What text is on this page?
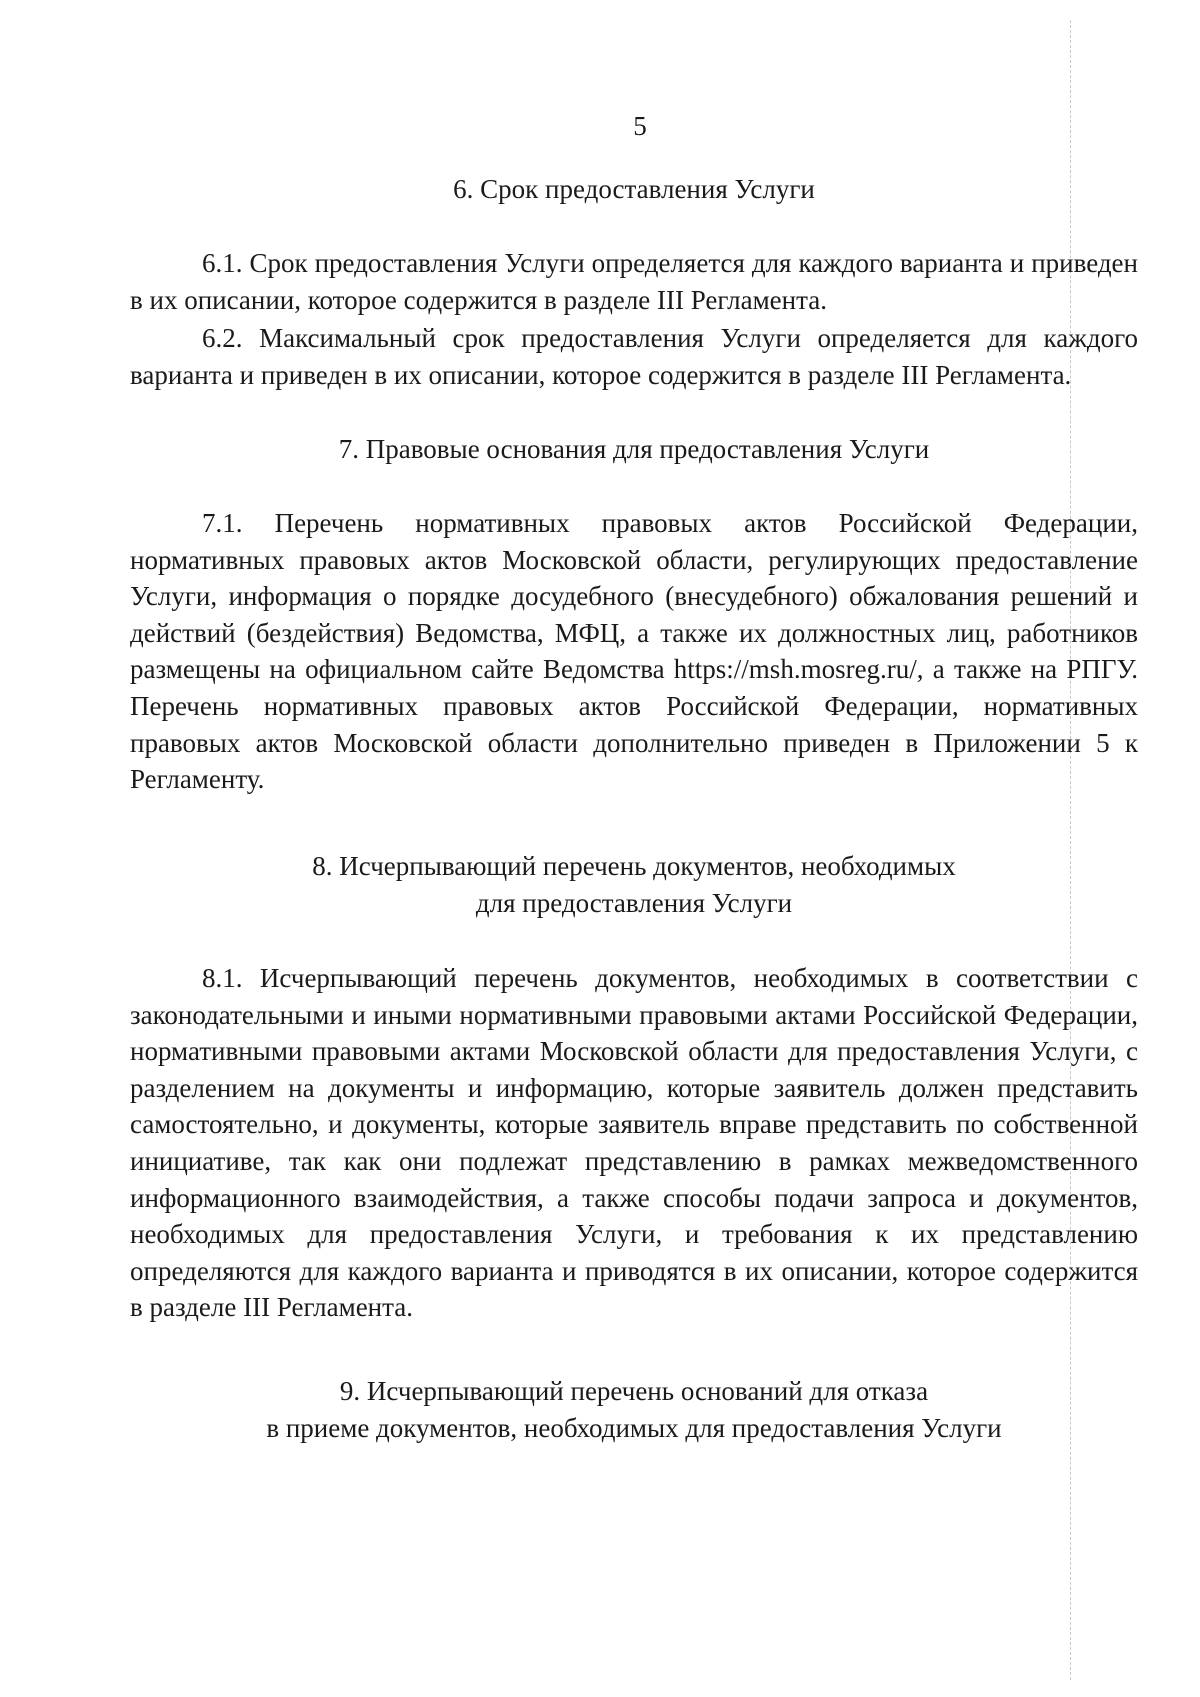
5
6. Срок предоставления Услуги

6.1. Срок предоставления Услуги определяется для каждого варианта и приведен в их описании, которое содержится в разделе III Регламента.

6.2. Максимальный срок предоставления Услуги определяется для каждого варианта и приведен в их описании, которое содержится в разделе III Регламента.

7. Правовые основания для предоставления Услуги

7.1. Перечень нормативных правовых актов Российской Федерации, нормативных правовых актов Московской области, регулирующих предоставление Услуги, информация о порядке досудебного (внесудебного) обжалования решений и действий (бездействия) Ведомства, МФЦ, а также их должностных лиц, работников размещены на официальном сайте Ведомства https://msh.mosreg.ru/, а также на РПГУ. Перечень нормативных правовых актов Российской Федерации, нормативных правовых актов Московской области дополнительно приведен в Приложении 5 к Регламенту.

8. Исчерпывающий перечень документов, необходимых
для предоставления Услуги

8.1. Исчерпывающий перечень документов, необходимых в соответствии с законодательными и иными нормативными правовыми актами Российской Федерации, нормативными правовыми актами Московской области для предоставления Услуги, с разделением на документы и информацию, которые заявитель должен представить самостоятельно, и документы, которые заявитель вправе представить по собственной инициативе, так как они подлежат представлению в рамках межведомственного информационного взаимодействия, а также способы подачи запроса и документов, необходимых для предоставления Услуги, и требования к их представлению определяются для каждого варианта и приводятся в их описании, которое содержится в разделе III Регламента.

9. Исчерпывающий перечень оснований для отказа
в приеме документов, необходимых для предоставления Услуги
